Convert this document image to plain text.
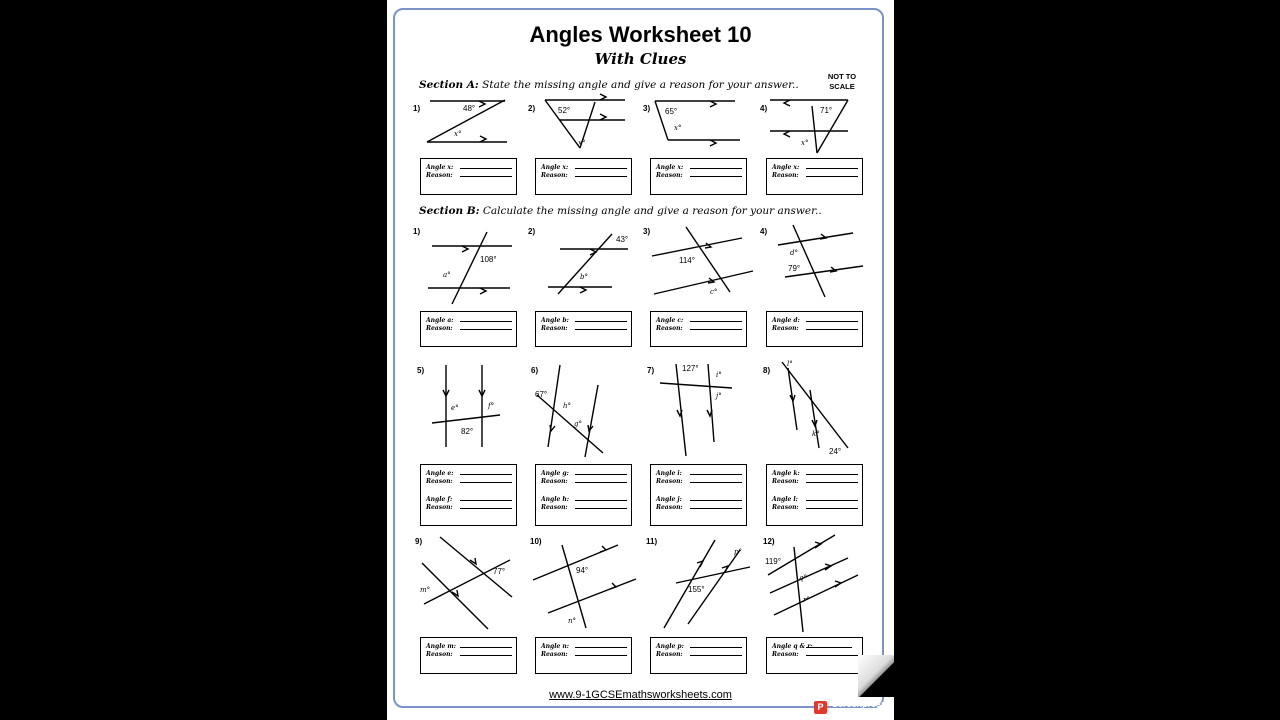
Angles Worksheet 10
With Clues
NOT TO SCALE
Section A: State the missing angle and give a reason for your answer..
Section B: Calculate the missing angle and give a reason for your answer..
1)	2)	3)	4)
48°
x°
52°
x°
65°
x°
71°
x°
1)	2)	3)	4)
108°
a°
43°
b°
114°
c°
d°
79°
5)	6)	7)	8)
e°	f°
82°
67°
h°
g°
127°
i°
j°
l°
k°
24°
9)	10)	11)	12)
77°
m°
94°
n°
p°
155°
119°
q°
r°
Angle x:
Reason:
Angle x:
Reason:
Angle x:
Reason:
Angle x:
Reason:
Angle a:
Reason:
Angle b:
Reason:
Angle c:
Reason:
Angle d:
Reason:
Angle e:
Reason:
Angle f:
Reason:
Angle g:
Reason:
Angle h:
Reason:
Angle i:
Reason:
Angle j:
Reason:
Angle k:
Reason:
Angle l:
Reason:
Angle m:
Reason:
Angle n:
Reason:
Angle p:
Reason:
Angle q & r:
Reason:
www.9-1GCSEmathsworksheets.com
P Screenpresso
.com
